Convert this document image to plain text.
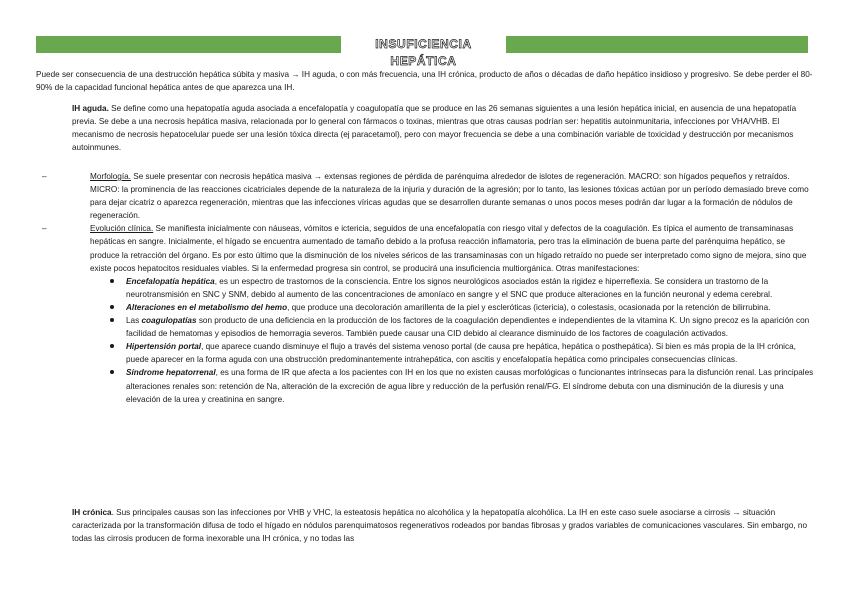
INSUFICIENCIA HEPÁTICA
Puede ser consecuencia de una destrucción hepática súbita y masiva → IH aguda, o con más frecuencia, una IH crónica, producto de años o décadas de daño hepático insidioso y progresivo. Se debe perder el 80-90% de la capacidad funcional hepática antes de que aparezca una IH.
IH aguda. Se define como una hepatopatía aguda asociada a encefalopatía y coagulopatía que se produce en las 26 semanas siguientes a una lesión hepática inicial, en ausencia de una hepatopatía previa. Se debe a una necrosis hepática masiva, relacionada por lo general con fármacos o toxinas, mientras que otras causas podrían ser: hepatitis autoinmunitaria, infecciones por VHA/VHB. El mecanismo de necrosis hepatocelular puede ser una lesión tóxica directa (ej paracetamol), pero con mayor frecuencia se debe a una combinación variable de toxicidad y destrucción por mecanismos autoinmunes.
–	Morfología. Se suele presentar con necrosis hepática masiva → extensas regiones de pérdida de parénquima alrededor de islotes de regeneración. MACRO: son hígados pequeños y retraídos. MICRO: la prominencia de las reacciones cicatriciales depende de la naturaleza de la injuria y duración de la agresión; por lo tanto, las lesiones tóxicas actúan por un período demasiado breve como para dejar cicatriz o aparezca regeneración, mientras que las infecciones víricas agudas que se desarrollen durante semanas o unos pocos meses podrán dar lugar a la formación de nódulos de regeneración.
–	Evolución clínica. Se manifiesta inicialmente con náuseas, vómitos e ictericia, seguidos de una encefalopatía con riesgo vital y defectos de la coagulación. Es típica el aumento de transaminasas hepáticas en sangre. Inicialmente, el hígado se encuentra aumentado de tamaño debido a la profusa reacción inflamatoria, pero tras la eliminación de buena parte del parénquima hepático, se produce la retracción del órgano. Es por esto último que la disminución de los niveles séricos de las transaminasas con un hígado retraído no puede ser interpretado como signo de mejora, sino que existe pocos hepatocitos residuales viables. Si la enfermedad progresa sin control, se producirá una insuficiencia multiorgánica. Otras manifestaciones:
Encefalopatía hepática, es un espectro de trastornos de la consciencia. Entre los signos neurológicos asociados están la rigidez e hiperreflexia. Se considera un trastorno de la neurotransmisión en SNC y SNM, debido al aumento de las concentraciones de amoníaco en sangre y el SNC que produce alteraciones en la función neuronal y edema cerebral.
Alteraciones en el metabolismo del hemo, que produce una decoloración amarillenta de la piel y escleróticas (ictericia), o colestasis, ocasionada por la retención de bilirrubina.
Las coagulopatías son producto de una deficiencia en la producción de los factores de la coagulación dependientes e independientes de la vitamina K. Un signo precoz es la aparición con facilidad de hematomas y episodios de hemorragia severos. También puede causar una CID debido al clearance disminuido de los factores de coagulación activados.
Hipertensión portal, que aparece cuando disminuye el flujo a través del sistema venoso portal (de causa pre hepática, hepática o posthepática). Si bien es más propia de la IH crónica, puede aparecer en la forma aguda con una obstrucción predominantemente intrahepática, con ascitis y encefalopatía hepática como principales consecuencias clínicas.
Síndrome hepatorrenal, es una forma de IR que afecta a los pacientes con IH en los que no existen causas morfológicas o funcionantes intrínsecas para la disfunción renal. Las principales alteraciones renales son: retención de Na, alteración de la excreción de agua libre y reducción de la perfusión renal/FG. El síndrome debuta con una disminución de la diuresis y una elevación de la urea y creatinina en sangre.
IH crónica. Sus principales causas son las infecciones por VHB y VHC, la esteatosis hepática no alcohólica y la hepatopatía alcohólica. La IH en este caso suele asociarse a cirrosis → situación caracterizada por la transformación difusa de todo el hígado en nódulos parenquimatosos regenerativos rodeados por bandas fibrosas y grados variables de comunicaciones vasculares. Sin embargo, no todas las cirrosis producen de forma inexorable una IH crónica, y no todas las
